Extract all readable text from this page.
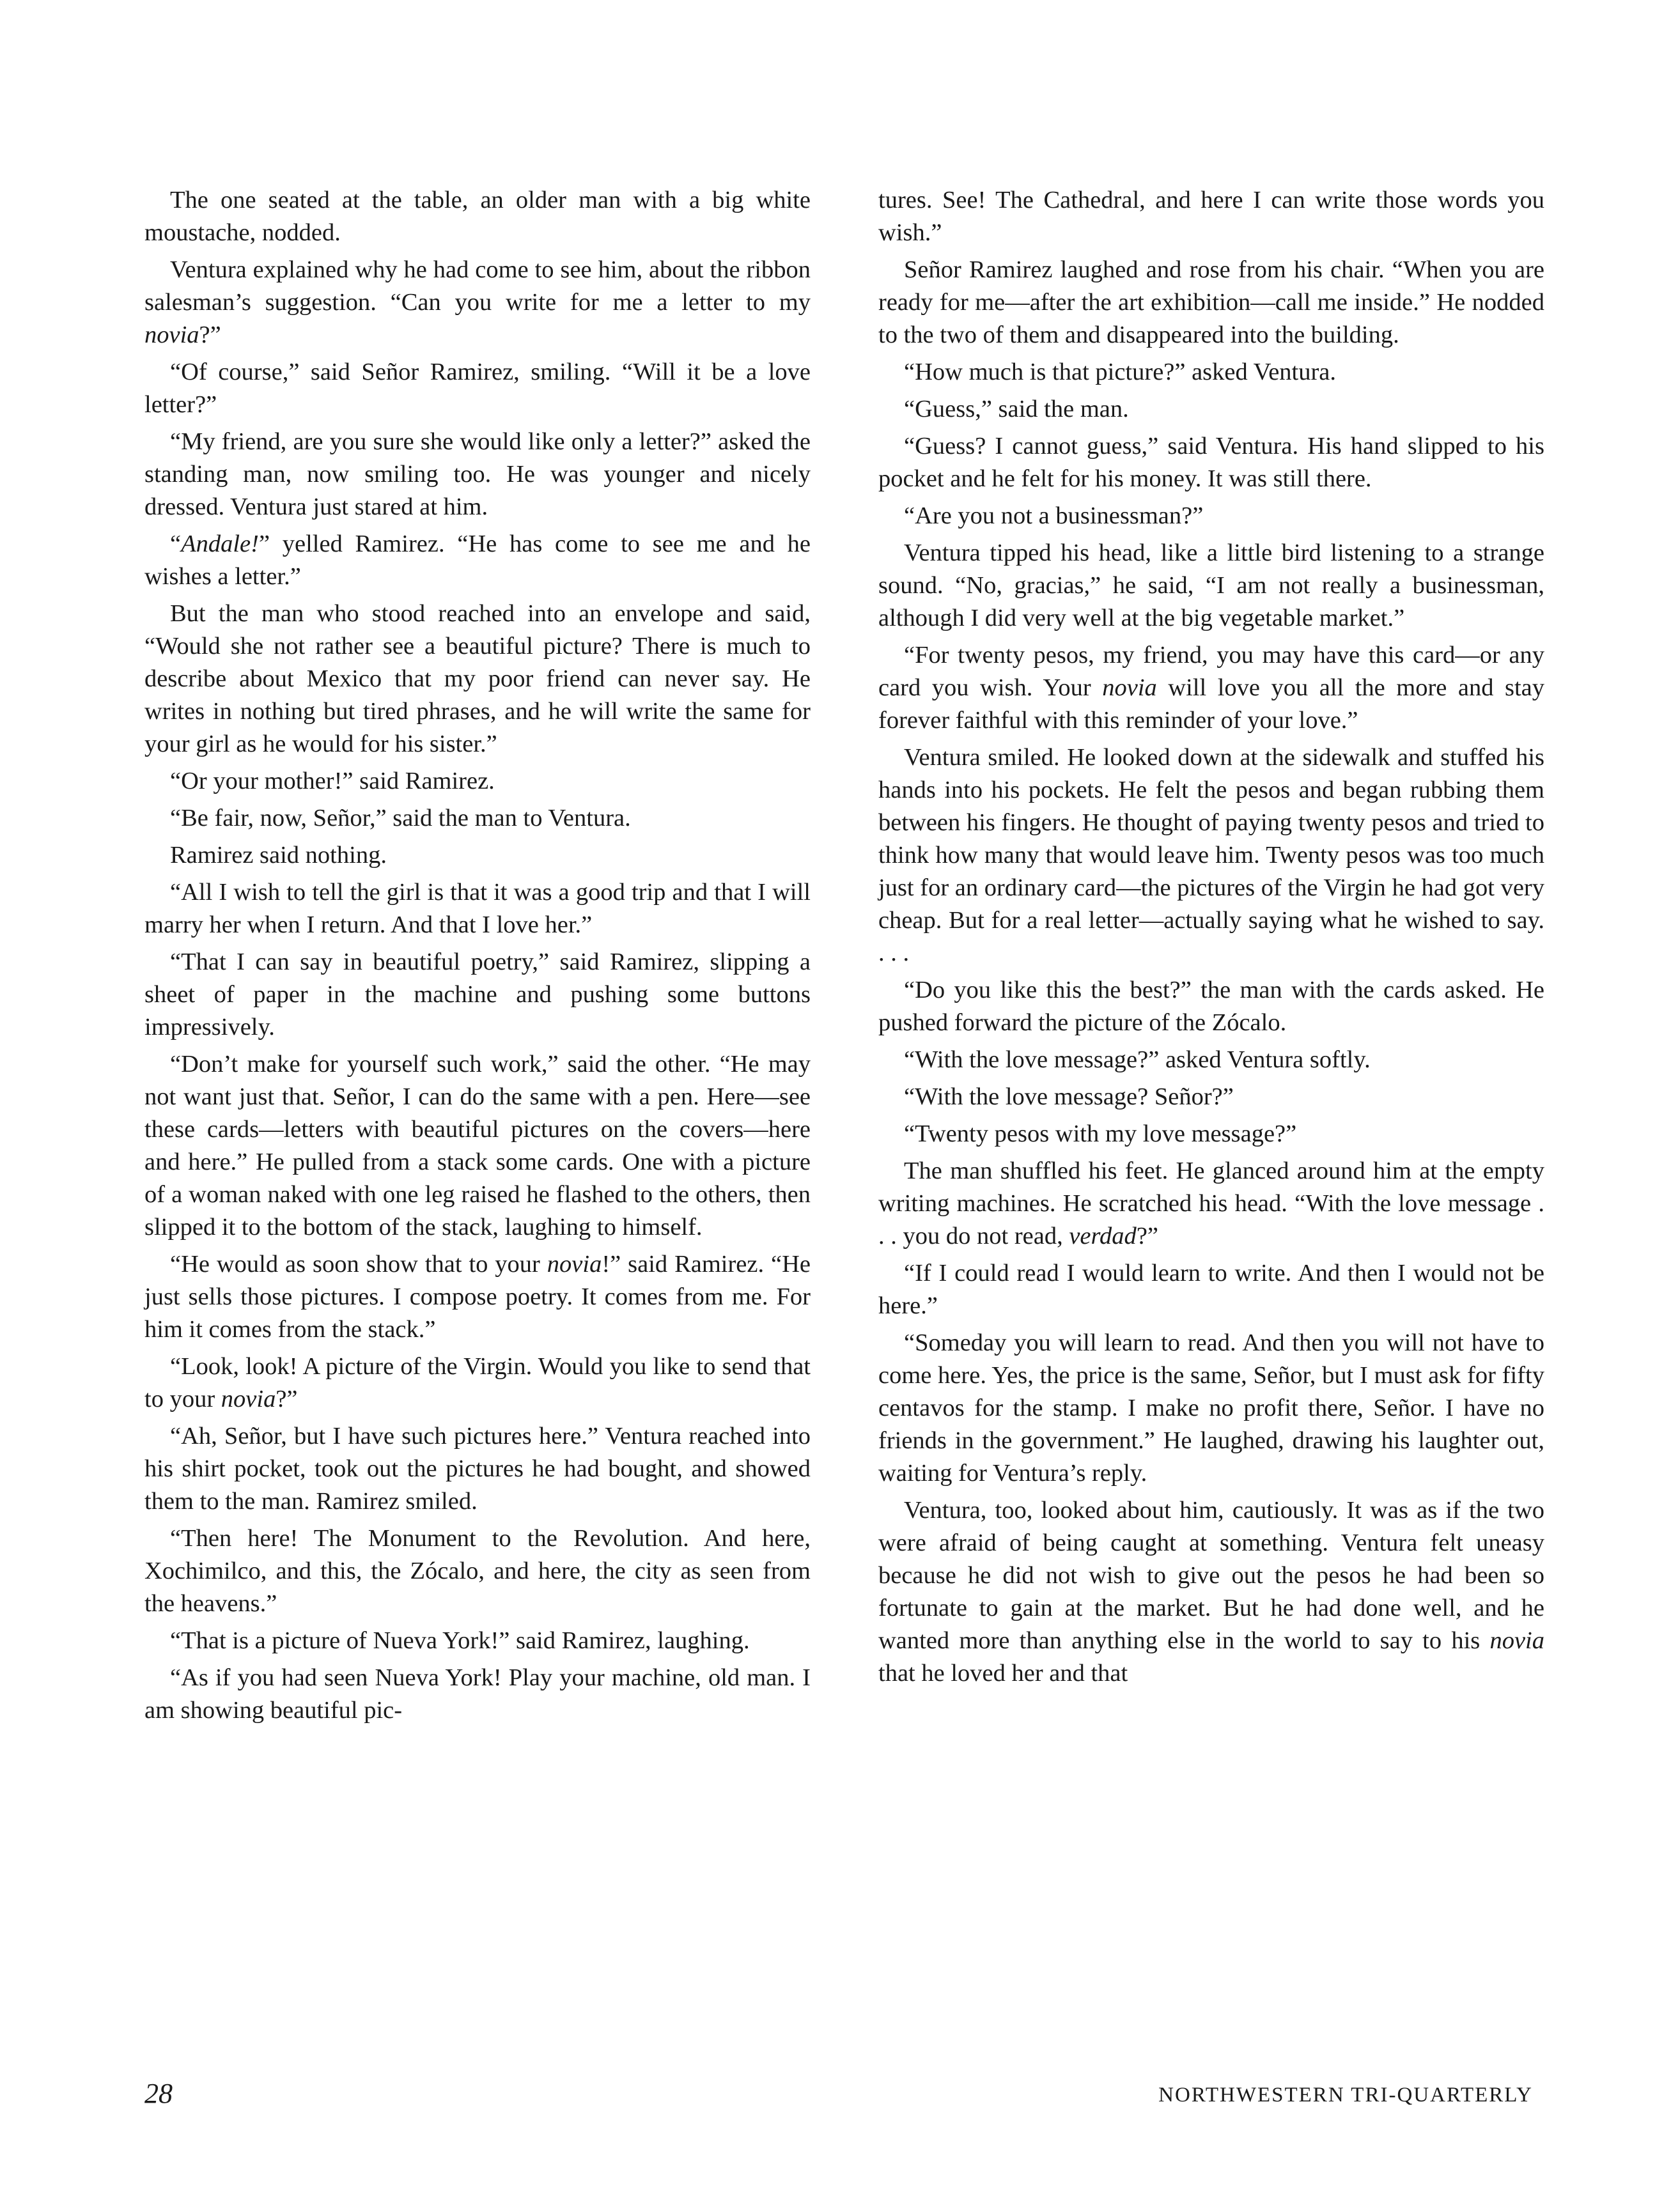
The one seated at the table, an older man with a big white moustache, nodded.

Ventura explained why he had come to see him, about the ribbon salesman’s suggestion. “Can you write for me a letter to my novia?”

“Of course,” said Señor Ramirez, smiling. “Will it be a love letter?”

“My friend, are you sure she would like only a letter?” asked the standing man, now smiling too. He was younger and nicely dressed. Ventura just stared at him.

“Andale!” yelled Ramirez. “He has come to see me and he wishes a letter.”

But the man who stood reached into an envelope and said, “Would she not rather see a beautiful picture? There is much to describe about Mexico that my poor friend can never say. He writes in nothing but tired phrases, and he will write the same for your girl as he would for his sister.”

“Or your mother!” said Ramirez.

“Be fair, now, Señor,” said the man to Ventura.

Ramirez said nothing.

“All I wish to tell the girl is that it was a good trip and that I will marry her when I return. And that I love her.”

“That I can say in beautiful poetry,” said Ramirez, slipping a sheet of paper in the machine and pushing some buttons impressively.

“Don’t make for yourself such work,” said the other. “He may not want just that. Señor, I can do the same with a pen. Here—see these cards—letters with beautiful pictures on the covers—here and here.” He pulled from a stack some cards. One with a picture of a woman naked with one leg raised he flashed to the others, then slipped it to the bottom of the stack, laughing to himself.

“He would as soon show that to your novia!” said Ramirez. “He just sells those pictures. I compose poetry. It comes from me. For him it comes from the stack.”

“Look, look! A picture of the Virgin. Would you like to send that to your novia?”

“Ah, Señor, but I have such pictures here.” Ventura reached into his shirt pocket, took out the pictures he had bought, and showed them to the man. Ramirez smiled.

“Then here! The Monument to the Revolution. And here, Xochimilco, and this, the Zócalo, and here, the city as seen from the heavens.”

“That is a picture of Nueva York!” said Ramirez, laughing.

“As if you had seen Nueva York! Play your machine, old man. I am showing beautiful pic-

tures. See! The Cathedral, and here I can write those words you wish.”

Señor Ramirez laughed and rose from his chair. “When you are ready for me—after the art exhibition—call me inside.” He nodded to the two of them and disappeared into the building.

“How much is that picture?” asked Ventura.

“Guess,” said the man.

“Guess? I cannot guess,” said Ventura. His hand slipped to his pocket and he felt for his money. It was still there.

“Are you not a businessman?”

Ventura tipped his head, like a little bird listening to a strange sound. “No, gracias,” he said, “I am not really a businessman, although I did very well at the big vegetable market.”

“For twenty pesos, my friend, you may have this card—or any card you wish. Your novia will love you all the more and stay forever faithful with this reminder of your love.”

Ventura smiled. He looked down at the sidewalk and stuffed his hands into his pockets. He felt the pesos and began rubbing them between his fingers. He thought of paying twenty pesos and tried to think how many that would leave him. Twenty pesos was too much just for an ordinary card—the pictures of the Virgin he had got very cheap. But for a real letter—actually saying what he wished to say. . . .

“Do you like this the best?” the man with the cards asked. He pushed forward the picture of the Zócalo.

“With the love message?” asked Ventura softly.

“With the love message? Señor?”

“Twenty pesos with my love message?”

The man shuffled his feet. He glanced around him at the empty writing machines. He scratched his head. “With the love message . . . you do not read, verdad?”

“If I could read I would learn to write. And then I would not be here.”

“Someday you will learn to read. And then you will not have to come here. Yes, the price is the same, Señor, but I must ask for fifty centavos for the stamp. I make no profit there, Señor. I have no friends in the government.” He laughed, drawing his laughter out, waiting for Ventura’s reply.

Ventura, too, looked about him, cautiously. It was as if the two were afraid of being caught at something. Ventura felt uneasy because he did not wish to give out the pesos he had been so fortunate to gain at the market. But he had done well, and he wanted more than anything else in the world to say to his novia that he loved her and that

28	NORTHWESTERN TRI-QUARTERLY
